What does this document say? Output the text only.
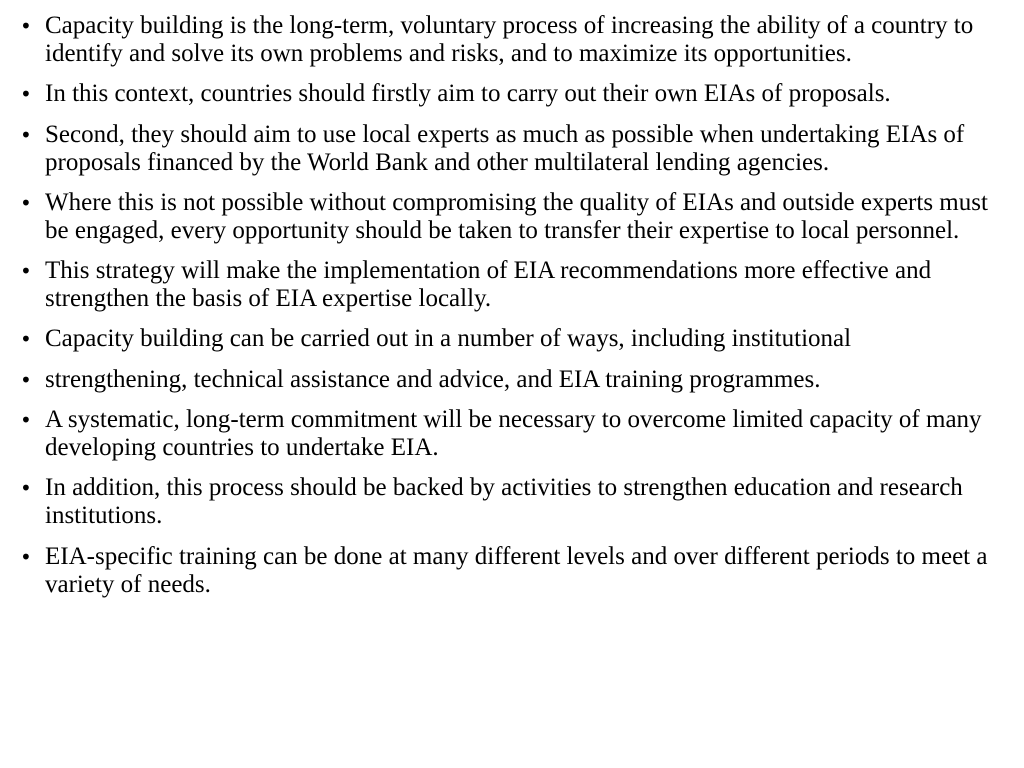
• Capacity building is the long-term, voluntary process of increasing the ability of a country to identify and solve its own problems and risks, and to maximize its opportunities.
• In this context, countries should firstly aim to carry out their own EIAs of proposals.
• Second, they should aim to use local experts as much as possible when undertaking EIAs of proposals financed by the World Bank and other multilateral lending agencies.
• Where this is not possible without compromising the quality of EIAs and outside experts must be engaged, every opportunity should be taken to transfer their expertise to local personnel.
• This strategy will make the implementation of EIA recommendations more effective and strengthen the basis of EIA expertise locally.
• Capacity building can be carried out in a number of ways, including institutional
• strengthening, technical assistance and advice, and EIA training programmes.
• A systematic, long-term commitment will be necessary to overcome limited capacity of many developing countries to undertake EIA.
• In addition, this process should be backed by activities to strengthen education and research institutions.
• EIA-specific training can be done at many different levels and over different periods to meet a variety of needs.
